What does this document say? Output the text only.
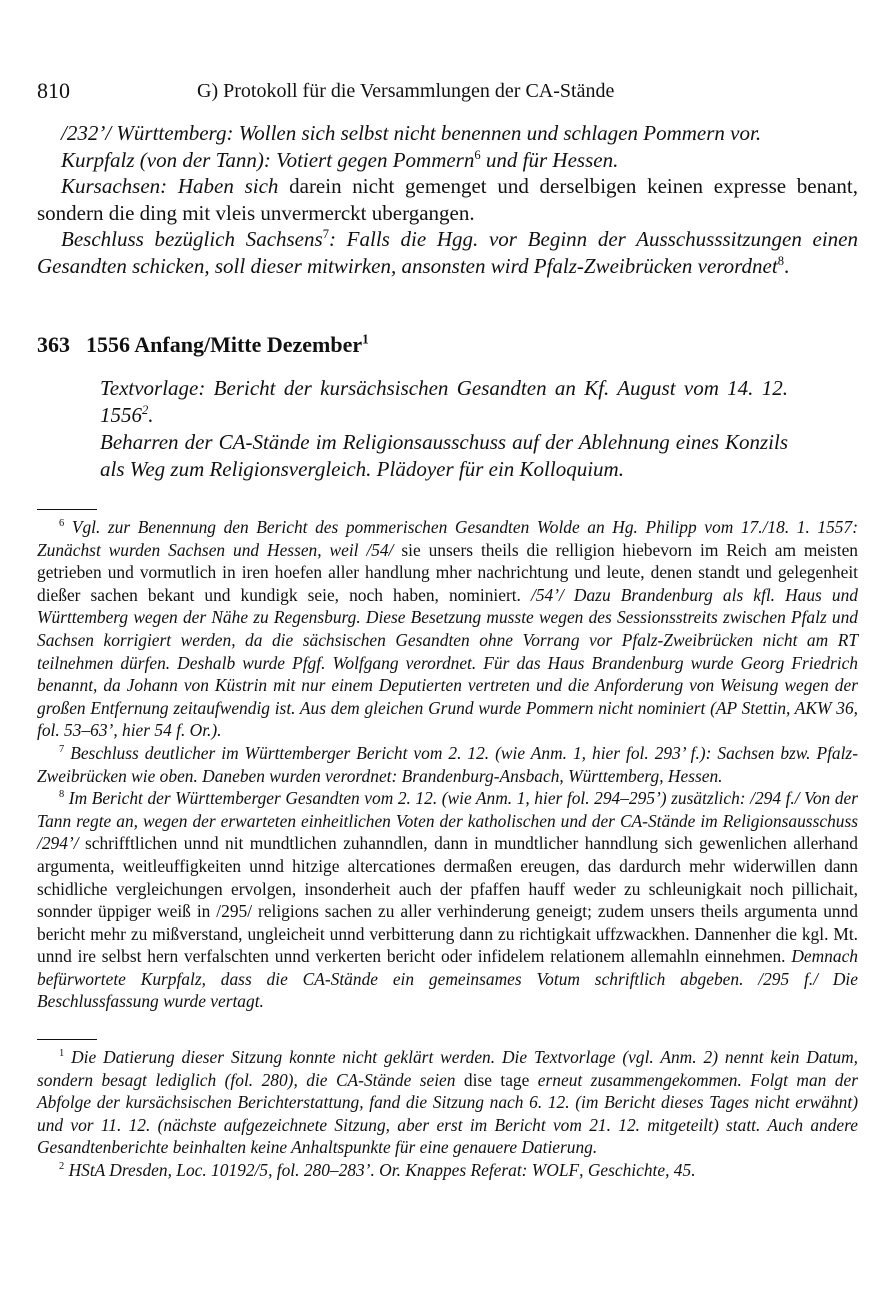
810	G) Protokoll für die Versammlungen der CA-Stände

/232’/ Württemberg: Wollen sich selbst nicht benennen und schlagen Pommern vor.

Kurpfalz (von der Tann): Votiert gegen Pommern$^6$ und für Hessen.

Kursachsen: Haben sich darein nicht gemenget und derselbigen keinen expresse benant, sondern die ding mit vleis unvermerckt ubergangen.

Beschluss bezüglich Sachsens$^7$: Falls die Hgg. vor Beginn der Ausschusssitzungen einen Gesandten schicken, soll dieser mitwirken, ansonsten wird Pfalz-Zweibrücken verordnet$^8$.

363 1556 Anfang/Mitte Dezember$^1$

Textvorlage: Bericht der kursächsischen Gesandten an Kf. August vom 14. 12. 1556$^2$.

Beharren der CA-Stände im Religionsausschuss auf der Ablehnung eines Konzils als Weg zum Religionsvergleich. Plädoyer für ein Kolloquium.

$^6$ Vgl. zur Benennung den Bericht des pommerischen Gesandten Wolde an Hg. Philipp vom 17./18. 1. 1557: Zunächst wurden Sachsen und Hessen, weil /54/ sie unsers theils die relligion hiebevorn im Reich am meisten getrieben und vormutlich in iren hoefen aller handlung mher nachrichtung und leute, denen standt und gelegenheit dießer sachen bekant und kundigk seie, noch haben, nominiert. /54’/ Dazu Brandenburg als kfl. Haus und Württemberg wegen der Nähe zu Regensburg. Diese Besetzung musste wegen des Sessionsstreits zwischen Pfalz und Sachsen korrigiert werden, da die sächsischen Gesandten ohne Vorrang vor Pfalz-Zweibrücken nicht am RT teilnehmen dürfen. Deshalb wurde Pfgf. Wolfgang verordnet. Für das Haus Brandenburg wurde Georg Friedrich benannt, da Johann von Küstrin mit nur einem Deputierten vertreten und die Anforderung von Weisung wegen der großen Entfernung zeitaufwendig ist. Aus dem gleichen Grund wurde Pommern nicht nominiert (AP Stettin, AKW 36, fol. 53–63’, hier 54 f. Or.).

$^7$ Beschluss deutlicher im Württemberger Bericht vom 2. 12. (wie Anm. 1, hier fol. 293’ f.): Sachsen bzw. Pfalz-Zweibrücken wie oben. Daneben wurden verordnet: Brandenburg-Ansbach, Württemberg, Hessen.

$^8$ Im Bericht der Württemberger Gesandten vom 2. 12. (wie Anm. 1, hier fol. 294–295’) zusätzlich: /294 f./ Von der Tann regte an, wegen der erwarteten einheitlichen Voten der katholischen und der CA-Stände im Religionsausschuss /294’/ schrifftlichen unnd nit mundtlichen zuhanndlen, dann in mundtlicher hanndlung sich gewenlichen allerhand argumenta, weitleuffigkeiten unnd hitzige altercationes dermaßen ereugen, das dardurch mehr widerwillen dann schidliche vergleichungen ervolgen, insonderheit auch der pfaffen hauff weder zu schleunigkait noch pillichait, sonnder üppiger weiß in /295/ religions sachen zu aller verhinderung geneigt; zudem unsers theils argumenta unnd bericht mehr zu mißverstand, ungleicheit unnd verbitterung dann zu richtigkait uffzwackhen. Dannenher die kgl. Mt. unnd ire selbst hern verfalschten unnd verkerten bericht oder infidelem relationem allemahln einnehmen. Demnach befürwortete Kurpfalz, dass die CA-Stände ein gemeinsames Votum schriftlich abgeben. /295 f./ Die Beschlussfassung wurde vertagt.

$^1$ Die Datierung dieser Sitzung konnte nicht geklärt werden. Die Textvorlage (vgl. Anm. 2) nennt kein Datum, sondern besagt lediglich (fol. 280), die CA-Stände seien dise tage erneut zusammengekommen. Folgt man der Abfolge der kursächsischen Berichterstattung, fand die Sitzung nach 6. 12. (im Bericht dieses Tages nicht erwähnt) und vor 11. 12. (nächste aufgezeichnete Sitzung, aber erst im Bericht vom 21. 12. mitgeteilt) statt. Auch andere Gesandtenberichte beinhalten keine Anhaltspunkte für eine genauere Datierung.

$^2$ HStA Dresden, Loc. 10192/5, fol. 280–283’. Or. Knappes Referat: WOLF, Geschichte, 45.
